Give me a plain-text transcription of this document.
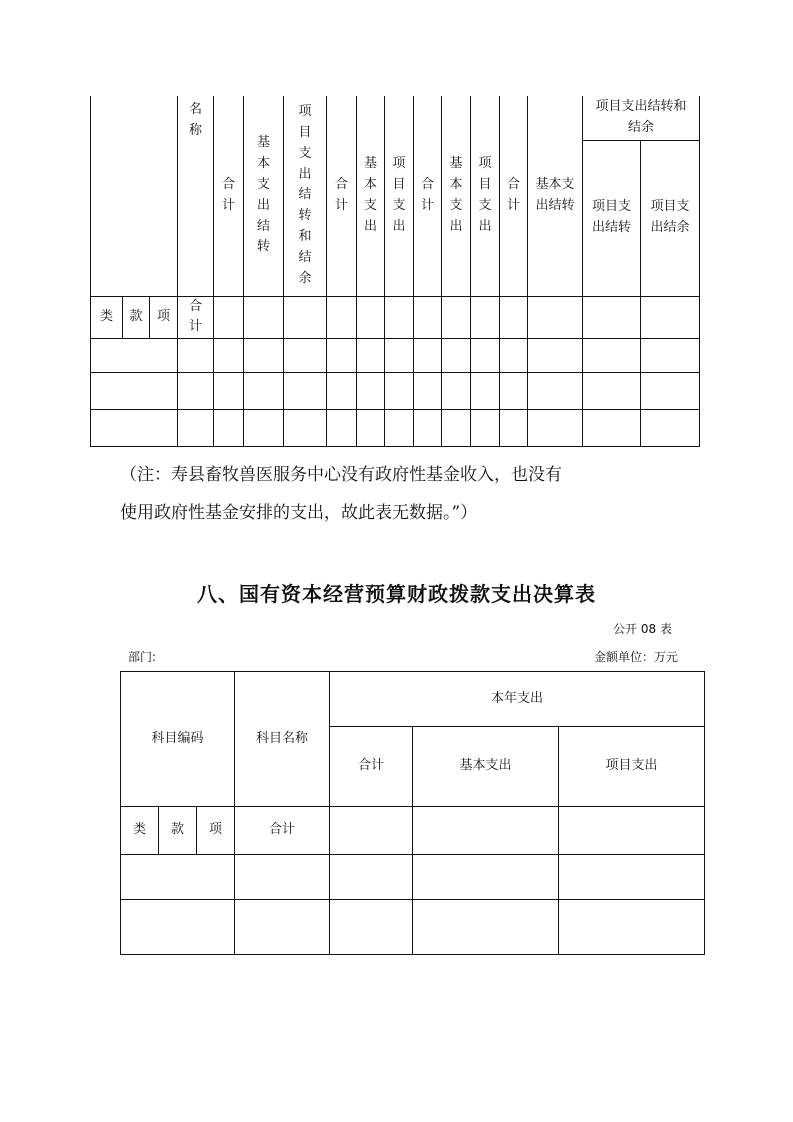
			名称	合计	基本支出结转	项目支出结转和结余	合计	基本支出	项目支出	合计	基本支出	项目支出	合计	基本支出结转	项目支出结转和结余	
															项目支出结转	项目支出结余
类	款	项	合计													

（注：寿县畜牧兽医服务中心没有政府性基金收入，也没有
使用政府性基金安排的支出，故此表无数据。”）
八、国有资本经营预算财政拨款支出决算表
公开 08 表
部门:	金额单位：万元
科目编码			科目名称	本年支出		
				合计	基本支出	项目支出
类	款	项	合计			
